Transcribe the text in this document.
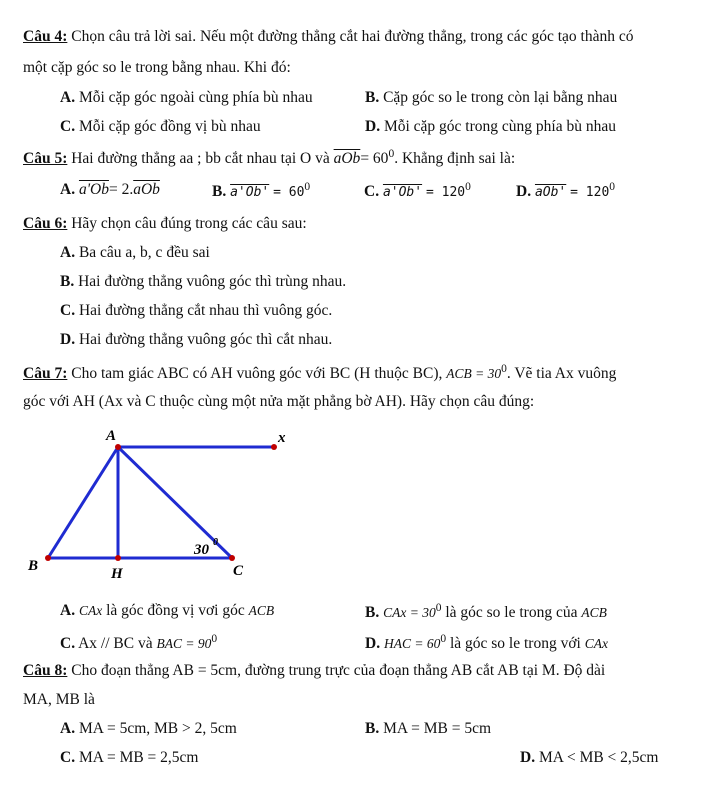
Câu 4: Chọn câu trả lời sai. Nếu một đường thẳng cắt hai đường thẳng, trong các góc tạo thành có
một cặp góc so le trong bằng nhau. Khi đó:
A. Mỗi cặp góc ngoài cùng phía bù nhau	B. Cặp góc so le trong còn lại bằng nhau
C. Mỗi cặp góc đồng vị bù nhau	D. Mỗi cặp góc trong cùng phía bù nhau
Câu 5: Hai đường thẳng aa ; bb cắt nhau tại O và $\overline{aOb}= 60^0$. Khẳng định sai là:
A. $a'Ob= 2.\overline{aOb}$	B. $a'Ob' = 60^0$	C. $a'Ob' = 120^0$	D. $aOb' = 120^0$
Câu 6: Hãy chọn câu đúng trong các câu sau:
A. Ba câu a, b, c đều sai
B. Hai đường thẳng vuông góc thì trùng nhau.
C. Hai đường thẳng cắt nhau thì vuông góc.
D. Hai đường thẳng vuông góc thì cắt nhau.
Câu 7: Cho tam giác ABC có AH vuông góc với BC (H thuộc BC), ACB = $30^0$. Vẽ tia Ax vuông
góc với AH (Ax và C thuộc cùng một nửa mặt phẳng bờ AH). Hãy chọn câu đúng:
A	x
B	H	C
30 0
A. CAx là góc đồng vị vơi góc ACB	B. CAx = $30^0$ là góc so le trong của ACB
C. Ax // BC và BAC = $90^0$	D. HAC = $60^0$ là góc so le trong với CAx
Câu 8: Cho đoạn thẳng AB = 5cm, đường trung trực của đoạn thẳng AB cắt AB tại M. Độ dài
MA, MB là
A. MA = 5cm, MB > 2, 5cm	B. MA = MB = 5cm
C. MA = MB = 2,5cm	D. MA < MB < 2,5cm
